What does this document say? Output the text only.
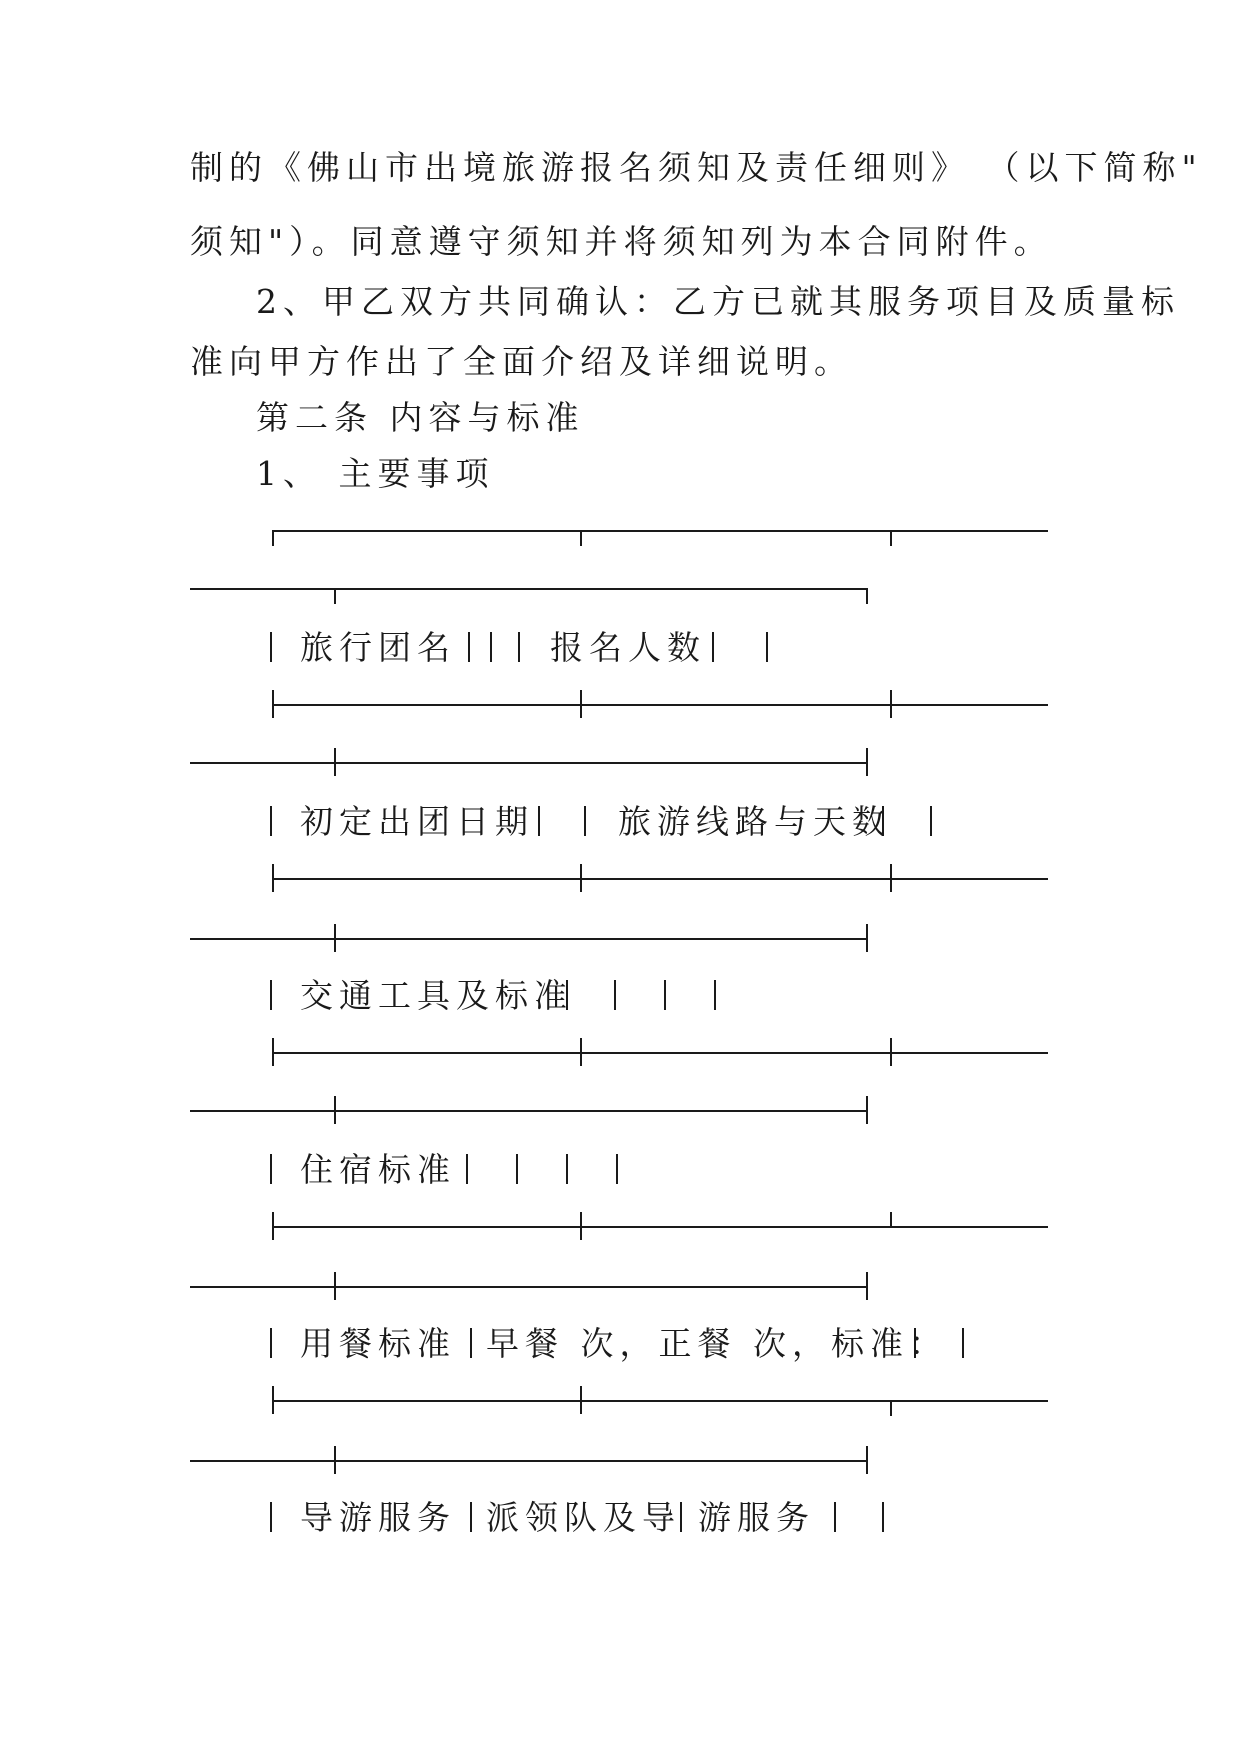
制的《佛山市出境旅游报名须知及责任细则》 （以下简称"
须知"）。同意遵守须知并将须知列为本合同附件。
2、甲乙双方共同确认：乙方已就其服务项目及质量标
准向甲方作出了全面介绍及详细说明。
第二条 内容与标准
1、 主要事项
旅行团名	报名人数
初定出团日期	旅游线路与天数
交通工具及标准
住宿标准
用餐标准 早餐 次，正餐 次，标准：
导游服务 派领队及导 游服务
